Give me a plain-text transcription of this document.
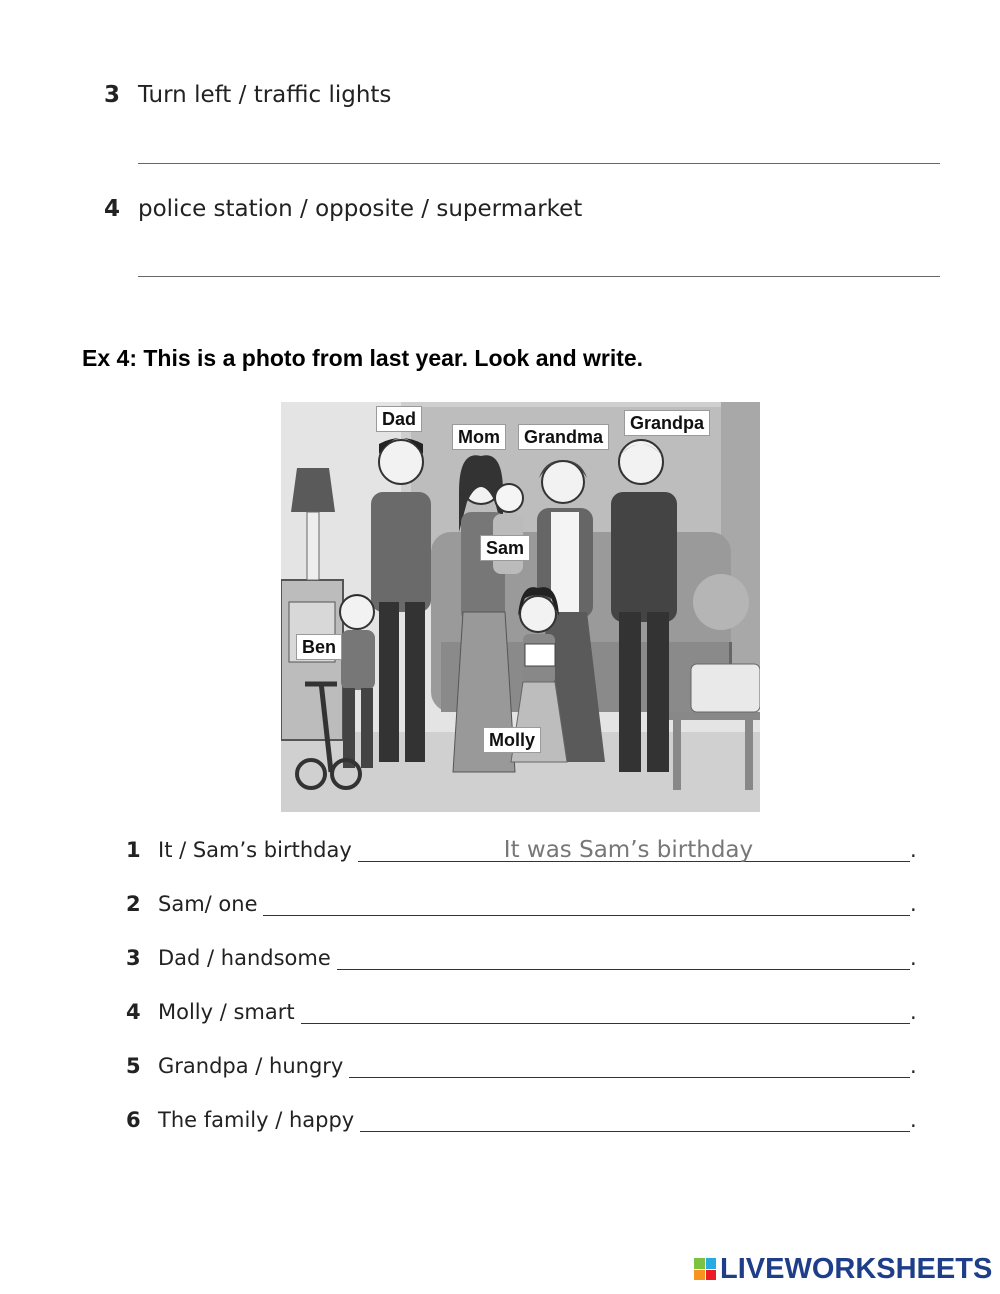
3 Turn left / traffic lights
4 police station / opposite / supermarket
Ex 4: This is a photo from last year. Look and write.
Dad
Mom	Grandma
Grandpa
Sam
Ben
Molly
1 It / Sam’s birthday	It was Sam’s birthday	.
2 Sam/ one	.
3 Dad / handsome	.
4 Molly / smart	.
5 Grandpa / hungry	.
6 The family / happy	.
LIVEWORKSHEETS
